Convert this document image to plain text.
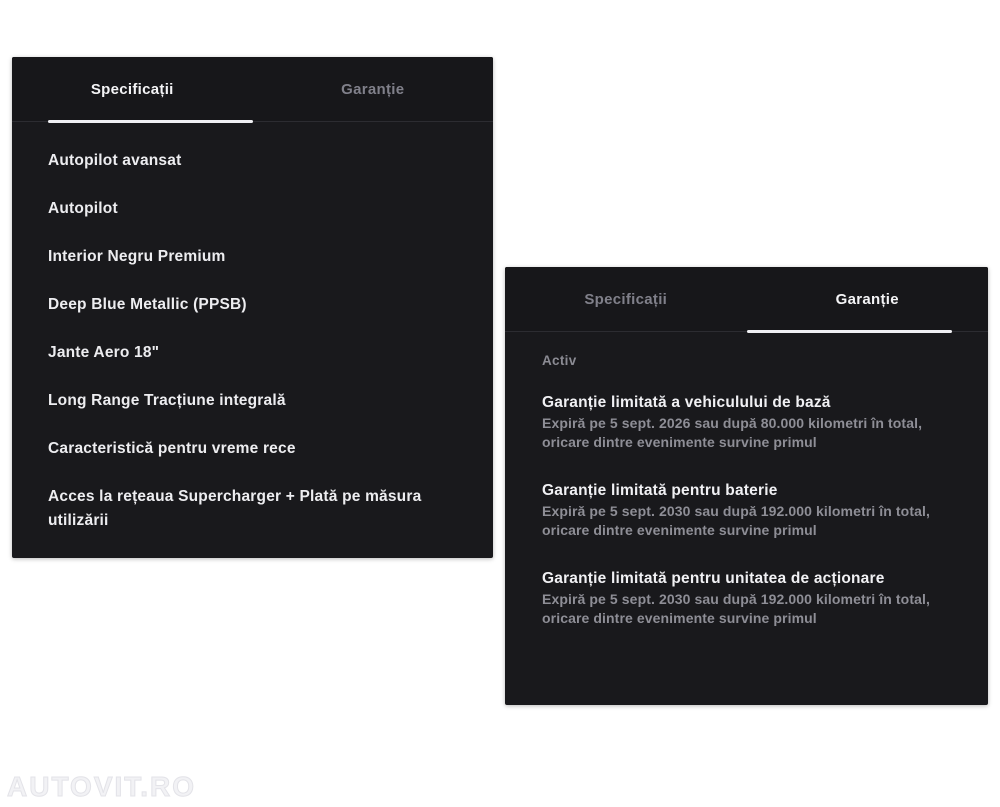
Specificații	Garanție
Autopilot avansat
Autopilot
Interior Negru Premium
Deep Blue Metallic (PPSB)
Jante Aero 18"
Long Range Tracțiune integrală
Caracteristică pentru vreme rece
Acces la rețeaua Supercharger + Plată pe măsura utilizării
Specificații	Garanție
Activ
Garanție limitată a vehiculului de bază
Expiră pe 5 sept. 2026 sau după 80.000 kilometri în total, oricare dintre evenimente survine primul
Garanție limitată pentru baterie
Expiră pe 5 sept. 2030 sau după 192.000 kilometri în total, oricare dintre evenimente survine primul
Garanție limitată pentru unitatea de acționare
Expiră pe 5 sept. 2030 sau după 192.000 kilometri în total, oricare dintre evenimente survine primul
AUTOVIT.RO
